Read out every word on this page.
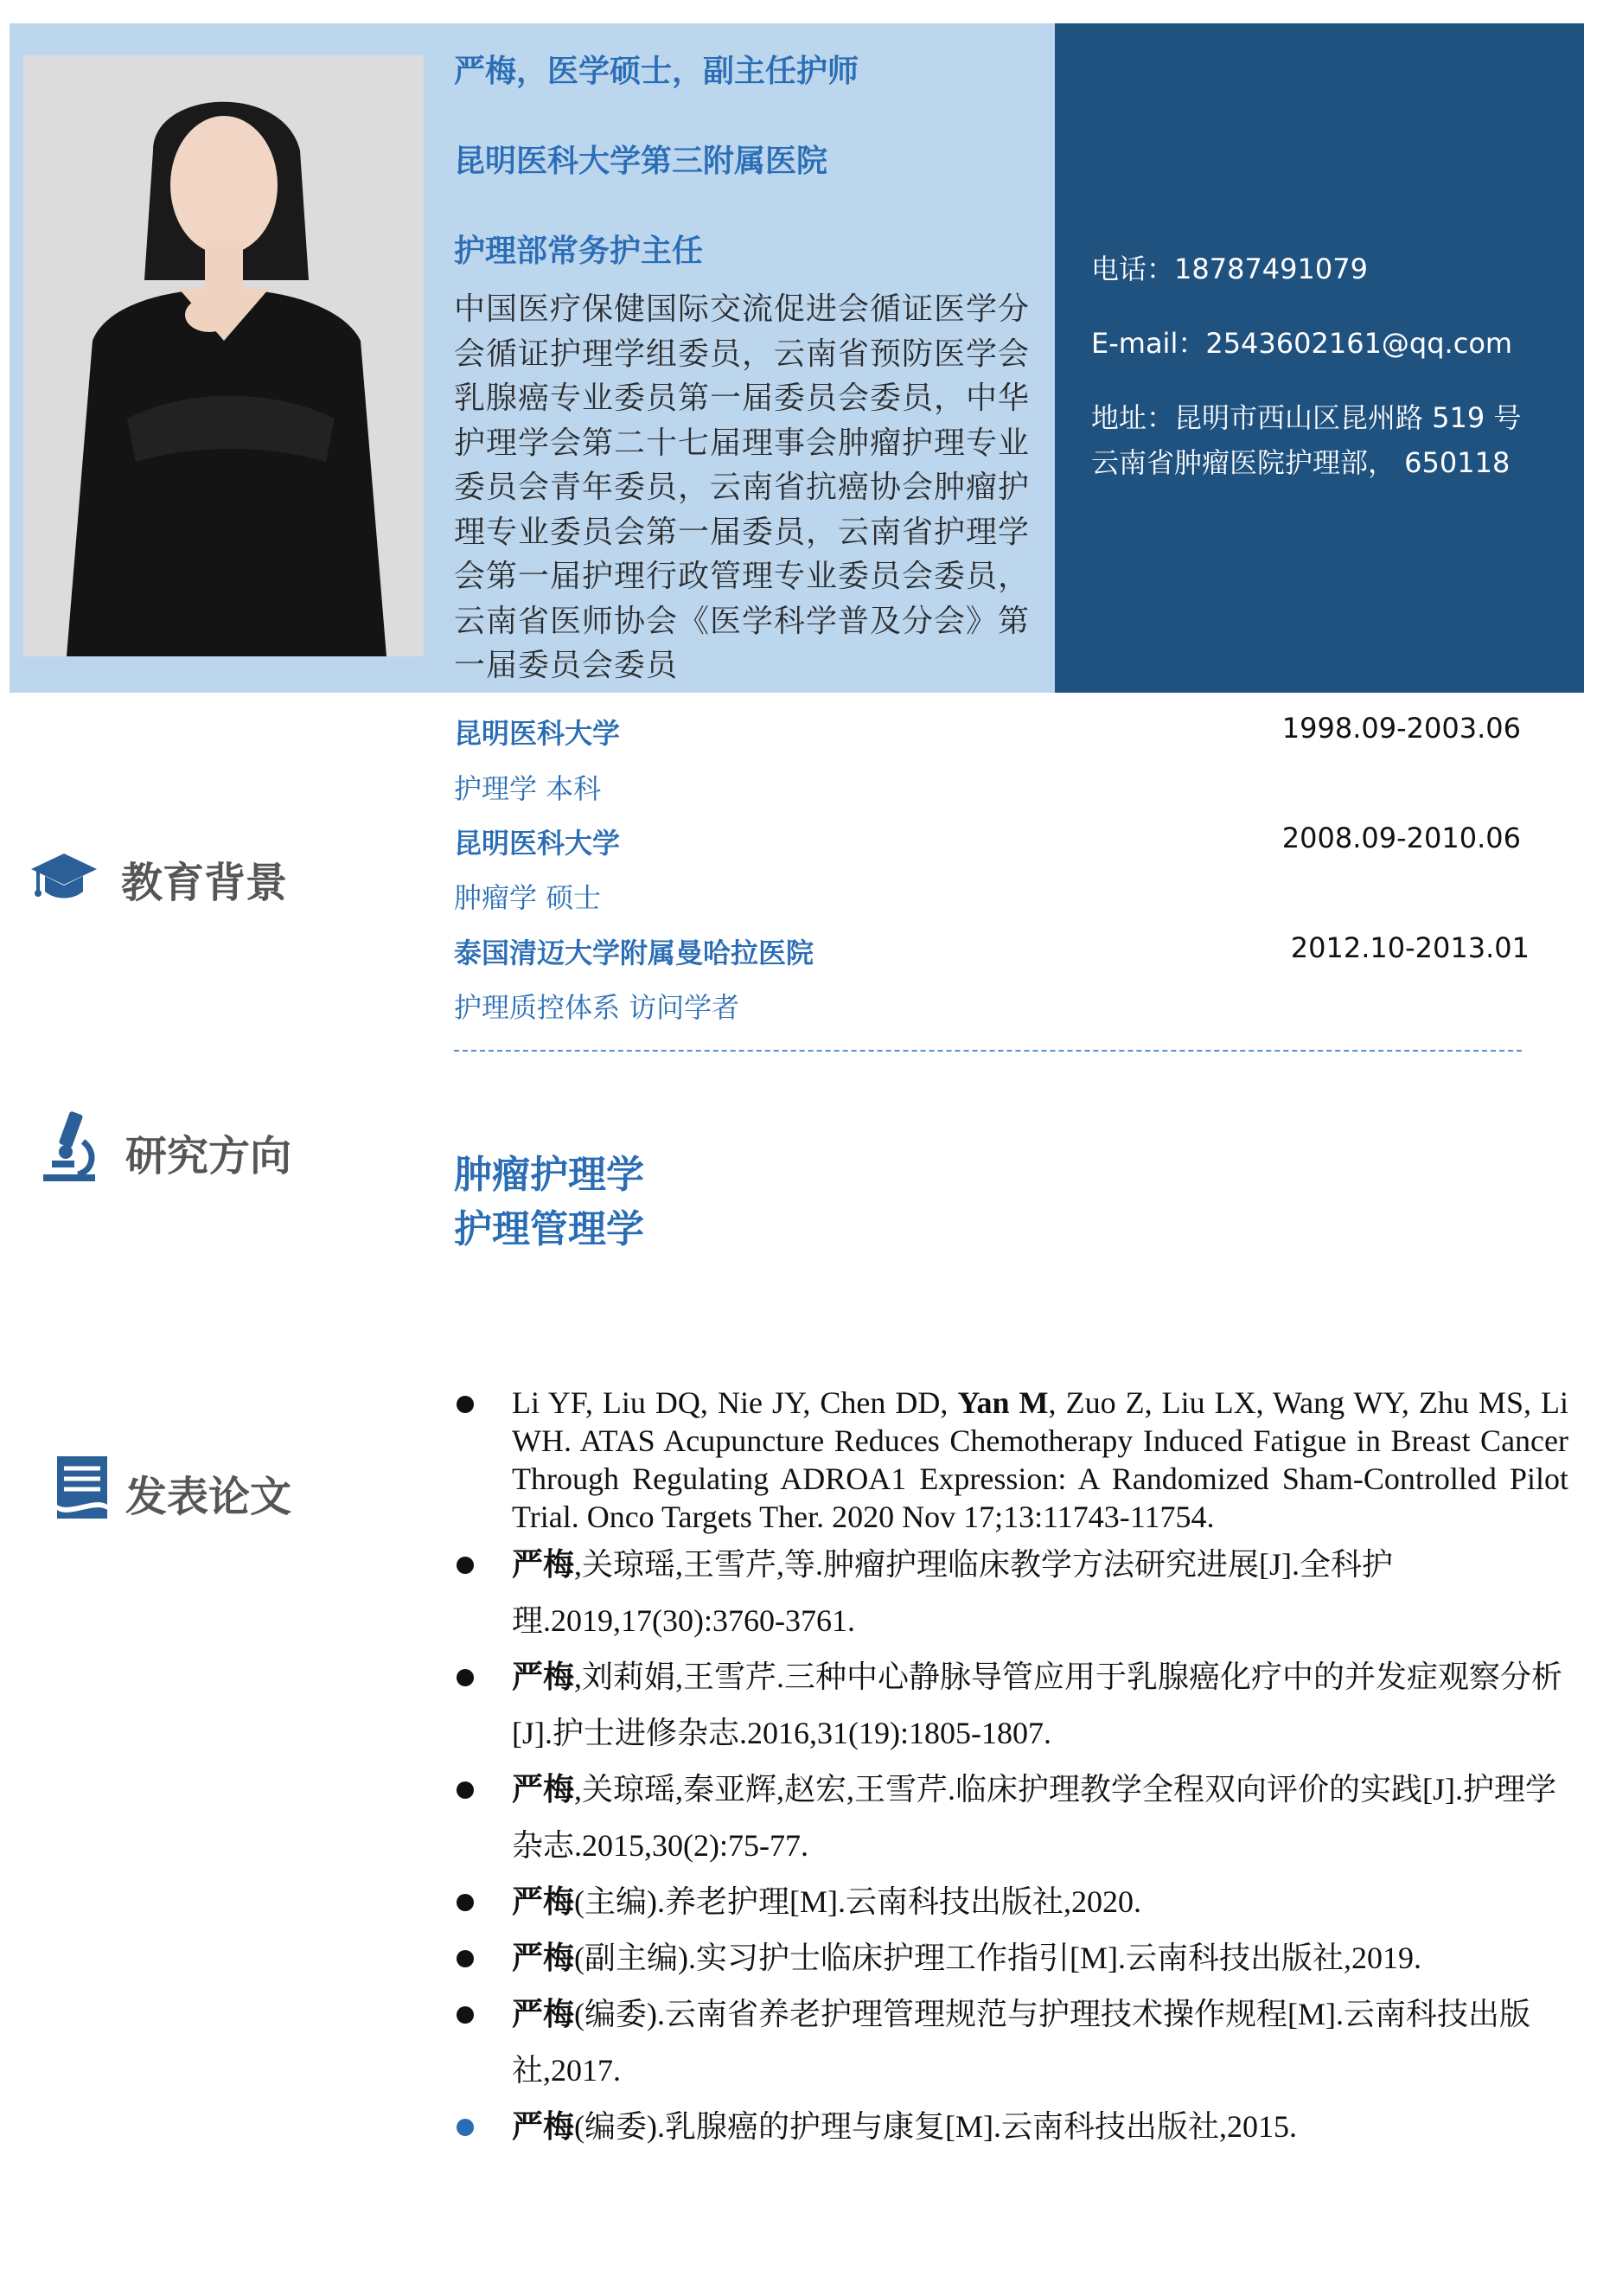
严梅，医学硕士，副主任护师
昆明医科大学第三附属医院
护理部常务护主任
中国医疗保健国际交流促进会循证医学分会循证护理学组委员，云南省预防医学会乳腺癌专业委员第一届委员会委员，中华护理学会第二十七届理事会肿瘤护理专业委员会青年委员，云南省抗癌协会肿瘤护理专业委员会第一届委员，云南省护理学会第一届护理行政管理专业委员会委员，云南省医师协会《医学科学普及分会》第一届委员会委员
电话：18787491079
E-mail：2543602161@qq.com
地址：昆明市西山区昆州路 519 号
云南省肿瘤医院护理部， 650118
教育背景
昆明医科大学	1998.09-2003.06
护理学 本科
昆明医科大学	2008.09-2010.06
肿瘤学 硕士
泰国清迈大学附属曼哈拉医院	2012.10-2013.01
护理质控体系 访问学者
研究方向	肿瘤护理学
护理管理学
发表论文
Li YF, Liu DQ, Nie JY, Chen DD, Yan M, Zuo Z, Liu LX, Wang WY, Zhu MS, Li WH. ATAS Acupuncture Reduces Chemotherapy Induced Fatigue in Breast Cancer Through Regulating ADROA1 Expression: A Randomized Sham-Controlled Pilot Trial. Onco Targets Ther. 2020 Nov 17;13:11743-11754.
严梅,关琼瑶,王雪芹,等.肿瘤护理临床教学方法研究进展[J].全科护理.2019,17(30):3760-3761.
严梅,刘莉娟,王雪芹.三种中心静脉导管应用于乳腺癌化疗中的并发症观察分析[J].护士进修杂志.2016,31(19):1805-1807.
严梅,关琼瑶,秦亚辉,赵宏,王雪芹.临床护理教学全程双向评价的实践[J].护理学杂志.2015,30(2):75-77.
严梅(主编).养老护理[M].云南科技出版社,2020.
严梅(副主编).实习护士临床护理工作指引[M].云南科技出版社,2019.
严梅(编委).云南省养老护理管理规范与护理技术操作规程[M].云南科技出版社,2017.
严梅(编委).乳腺癌的护理与康复[M].云南科技出版社,2015.
